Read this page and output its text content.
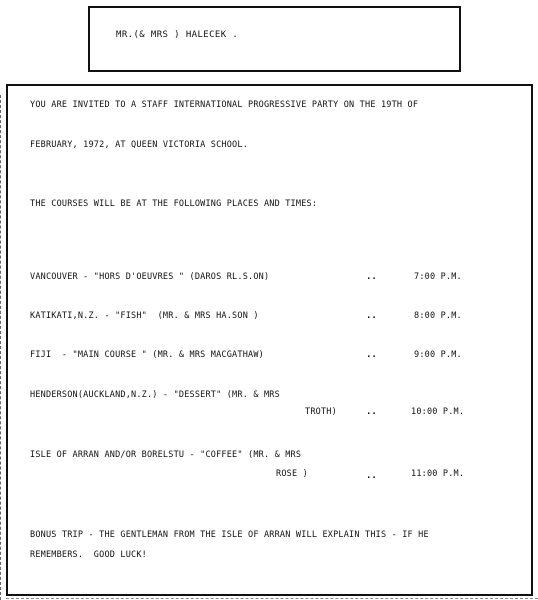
MR.(& MRS ) HALECEK .
YOU ARE INVITED TO A STAFF INTERNATIONAL PROGRESSIVE PARTY ON THE 19TH OF
FEBRUARY, 1972, AT QUEEN VICTORIA SCHOOL.
THE COURSES WILL BE AT THE FOLLOWING PLACES AND TIMES:
VANCOUVER - "HORS D'OEUVRES " (DAROS RL.S.ON)	..	7:00 P.M.
KATIKATI,N.Z. - "FISH"  (MR. & MRS HA.SON )	..	8:00 P.M.
FIJI  - "MAIN COURSE " (MR. & MRS MACGATHAW)	..	9:00 P.M.
HENDERSON(AUCKLAND,N.Z.) - "DESSERT" (MR. & MRS
TROTH)	..	10:00 P.M.
ISLE OF ARRAN AND/OR BORELSTU - "COFFEE" (MR. & MRS
ROSE )	..	11:00 P.M.
BONUS TRIP - THE GENTLEMAN FROM THE ISLE OF ARRAN WILL EXPLAIN THIS - IF HE
REMEMBERS.  GOOD LUCK!
